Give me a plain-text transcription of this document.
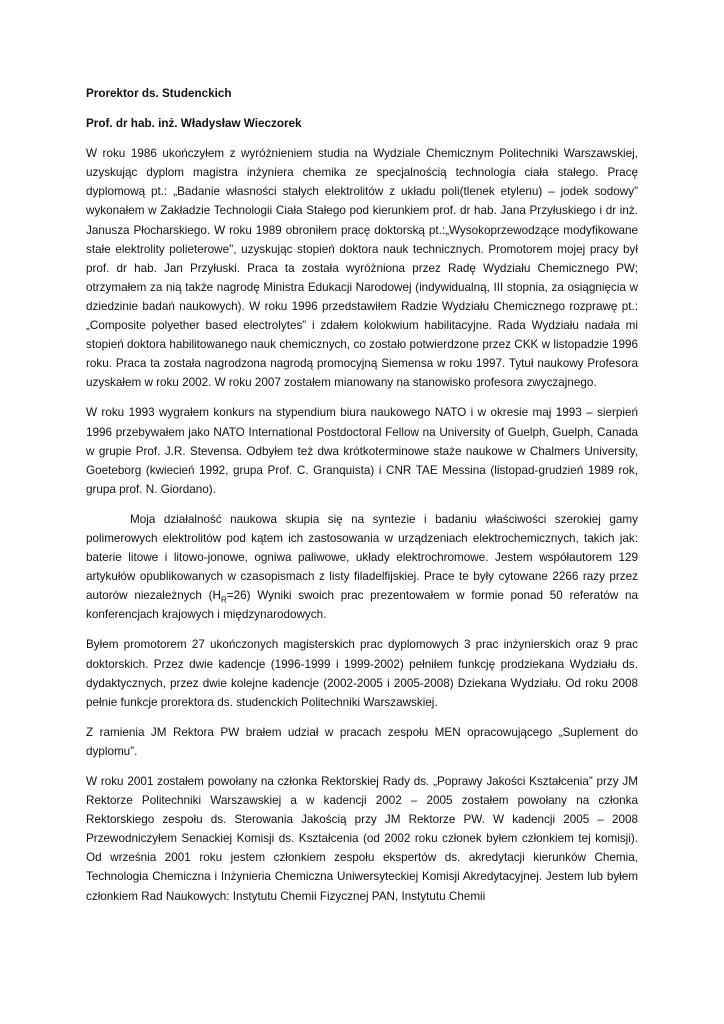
Prorektor ds. Studenckich

Prof. dr hab. inż. Władysław Wieczorek

W roku 1986 ukończyłem z wyróżnieniem studia na Wydziale Chemicznym Politechniki Warszawskiej, uzyskując dyplom magistra inżyniera chemika ze specjalnością technologia ciała stałego. Pracę dyplomową pt.: „Badanie własności stałych elektrolitów z układu poli(tlenek etylenu) – jodek sodowy” wykonałem w Zakładzie Technologii Ciała Stałego pod kierunkiem prof. dr hab. Jana Przyłuskiego i dr inż. Janusza Płocharskiego. W roku 1989 obroniłem pracę doktorską pt.:„Wysokoprzewodzące modyfikowane stałe elektrolity polieterowe", uzyskując stopień doktora nauk technicznych. Promotorem mojej pracy był prof. dr hab. Jan Przyłuski. Praca ta została wyróżniona przez Radę Wydziału Chemicznego PW; otrzymałem za nią także nagrodę Ministra Edukacji Narodowej (indywidualną, III stopnia, za osiągnięcia w dziedzinie badań naukowych). W roku 1996 przedstawiłem Radzie Wydziału Chemicznego rozprawę pt.: „Composite polyether based electrolytes” i zdałem kolokwium habilitacyjne. Rada Wydziału nadała mi stopień doktora habilitowanego nauk chemicznych, co zostało potwierdzone przez CKK w listopadzie 1996 roku. Praca ta została nagrodzona nagrodą promocyjną Siemensa w roku 1997. Tytuł naukowy Profesora uzyskałem w roku 2002. W roku 2007 zostałem mianowany na stanowisko profesora zwyczajnego.

W roku 1993 wygrałem konkurs na stypendium biura naukowego NATO i w okresie maj 1993 – sierpień 1996 przebywałem jako NATO International Postdoctoral Fellow na University of Guelph, Guelph, Canada w grupie Prof. J.R. Stevensa. Odbyłem też dwa krótkoterminowe staże naukowe w Chalmers University, Goeteborg (kwiecień 1992, grupa Prof. C. Granquista) i CNR TAE Messina (listopad-grudzień 1989 rok, grupa prof. N. Giordano).

Moja działalność naukowa skupia się na syntezie i badaniu właściwości szerokiej gamy polimerowych elektrolitów pod kątem ich zastosowania w urządzeniach elektrochemicznych, takich jak: baterie litowe i litowo-jonowe, ogniwa paliwowe, układy elektrochromowe. Jestem współautorem 129 artykułów opublikowanych w czasopismach z listy filadelfijskiej. Prace te były cytowane 2266 razy przez autorów niezależnych $(H_R=26)$ Wyniki swoich prac prezentowałem w formie ponad 50 referatów na konferencjach krajowych i międzynarodowych.

Byłem promotorem 27 ukończonych magisterskich prac dyplomowych 3 prac inżynierskich oraz 9 prac doktorskich. Przez dwie kadencje (1996-1999 i 1999-2002) pełniłem funkcję prodziekana Wydziału ds. dydaktycznych, przez dwie kolejne kadencje (2002-2005 i 2005-2008) Dziekana Wydziału. Od roku 2008 pełnie funkcje prorektora ds. studenckich Politechniki Warszawskiej.

Z ramienia JM Rektora PW brałem udział w pracach zespołu MEN opracowującego „Suplement do dyplomu”.

W roku 2001 zostałem powołany na członka Rektorskiej Rady ds. „Poprawy Jakości Kształcenia” przy JM Rektorze Politechniki Warszawskiej a w kadencji 2002 – 2005 zostałem powołany na członka Rektorskiego zespołu ds. Sterowania Jakością przy JM Rektorze PW. W kadencji 2005 – 2008 Przewodniczyłem Senackiej Komisji ds. Kształcenia (od 2002 roku członek byłem członkiem tej komisji). Od września 2001 roku jestem członkiem zespołu ekspertów ds. akredytacji kierunków Chemia, Technologia Chemiczna i Inżynieria Chemiczna Uniwersyteckiej Komisji Akredytacyjnej. Jestem lub byłem członkiem Rad Naukowych: Instytutu Chemii Fizycznej PAN, Instytutu Chemii
